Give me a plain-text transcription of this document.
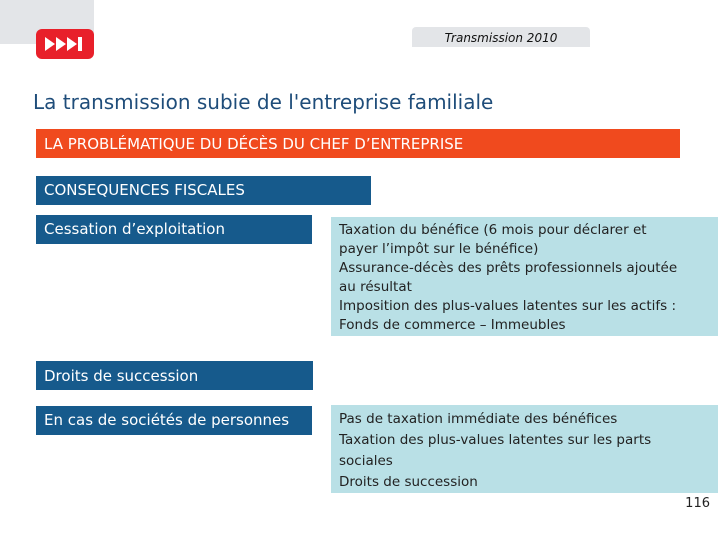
Transmission 2010
La transmission subie de l'entreprise familiale
LA PROBLÉMATIQUE DU DÉCÈS DU CHEF D’ENTREPRISE
CONSEQUENCES FISCALES
Cessation d’exploitation	Taxation du bénéfice (6 mois pour déclarer et
payer l’impôt sur le bénéfice)
Assurance-décès des prêts professionnels ajoutée
au résultat
Imposition des plus-values latentes sur les actifs :
Fonds de commerce – Immeubles
Droits de succession
En cas de sociétés de personnes	Pas de taxation immédiate des bénéfices
Taxation des plus-values latentes sur les parts
sociales
Droits de succession
116
